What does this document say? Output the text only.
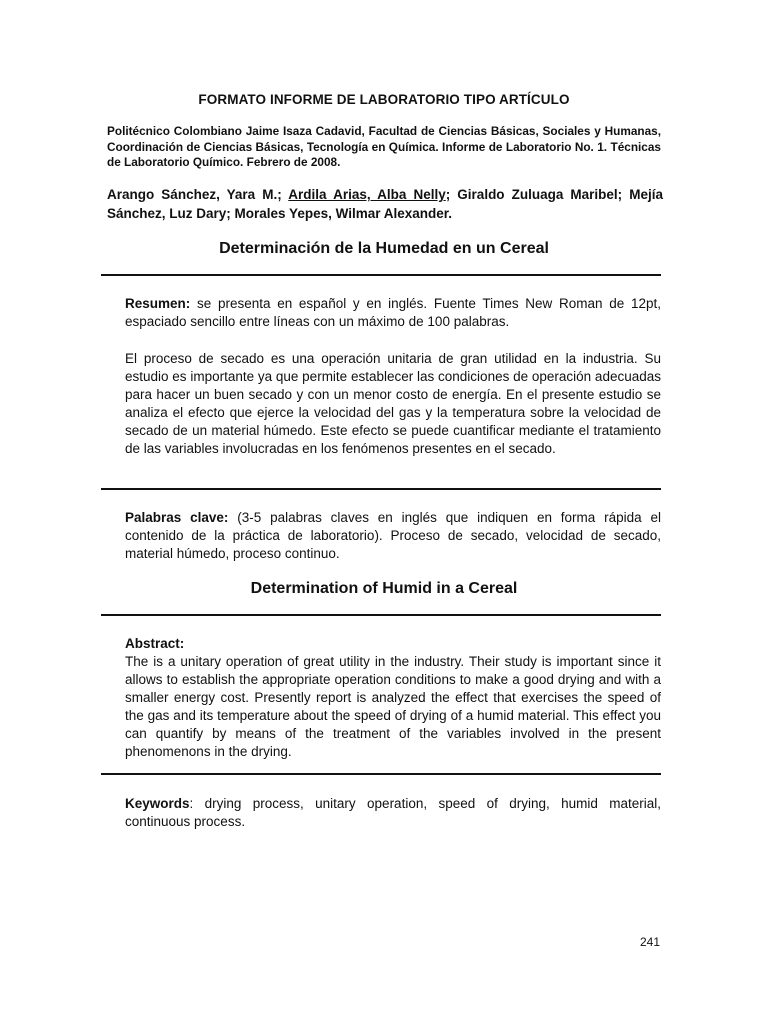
FORMATO INFORME DE LABORATORIO TIPO ARTÍCULO
Politécnico Colombiano Jaime Isaza Cadavid, Facultad de Ciencias Básicas, Sociales y Humanas, Coordinación de Ciencias Básicas, Tecnología en Química. Informe de Laboratorio No. 1. Técnicas de Laboratorio Químico. Febrero de 2008.
Arango Sánchez, Yara M.; Ardila Arias, Alba Nelly; Giraldo Zuluaga Maribel; Mejía Sánchez, Luz Dary; Morales Yepes, Wilmar Alexander.
Determinación de la Humedad en un Cereal
Resumen: se presenta en español y en inglés. Fuente Times New Roman de 12pt, espaciado sencillo entre líneas con un máximo de 100 palabras.
El proceso de secado es una operación unitaria de gran utilidad en la industria. Su estudio es importante ya que permite establecer las condiciones de operación adecuadas para hacer un buen secado y con un menor costo de energía. En el presente estudio se analiza el efecto que ejerce la velocidad del gas y la temperatura sobre la velocidad de secado de un material húmedo. Este efecto se puede cuantificar mediante el tratamiento de las variables involucradas en los fenómenos presentes en el secado.
Palabras clave: (3-5 palabras claves en inglés que indiquen en forma rápida el contenido de la práctica de laboratorio). Proceso de secado, velocidad de secado, material húmedo, proceso continuo.
Determination of Humid in a Cereal
Abstract:
The is a unitary operation of great utility in the industry. Their study is important since it allows to establish the appropriate operation conditions to make a good drying and with a smaller energy cost. Presently report is analyzed the effect that exercises the speed of the gas and its temperature about the speed of drying of a humid material. This effect you can quantify by means of the treatment of the variables involved in the present phenomenons in the drying.
Keywords: drying process, unitary operation, speed of drying, humid material, continuous process.
241
